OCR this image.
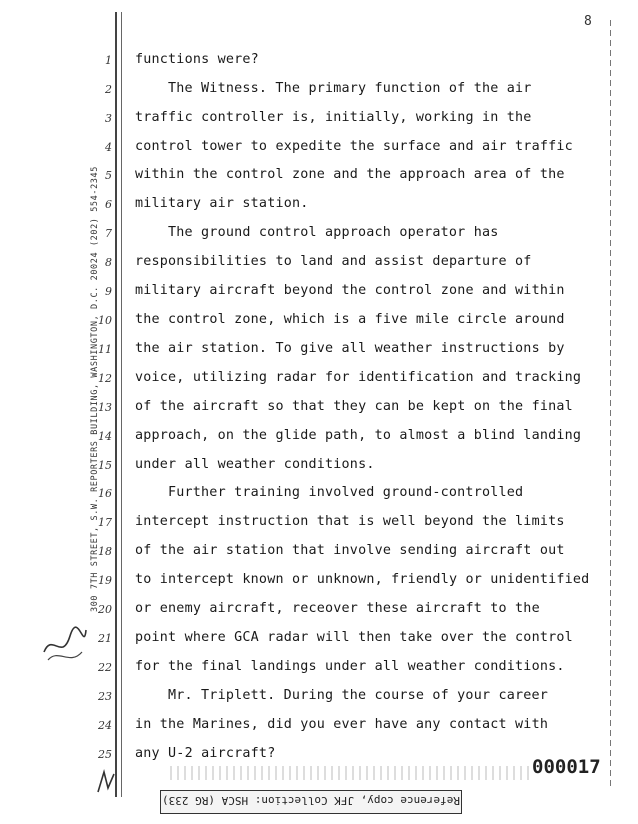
8
300 7TH STREET, S.W. REPORTERS BUILDING, WASHINGTON, D.C. 20024 (202) 554-2345
1
2
3
4
5
6
7
8
9
10
11
12
13
14
15
16
17
18
19
20
21
22
23
24
25
functions were?
The Witness. The primary function of the air
traffic controller is, initially, working in the
control tower to expedite the surface and air traffic
within the control zone and the approach area of the
military air station.
The ground control approach operator has
responsibilities to land and assist departure of
military aircraft beyond the control zone and within
the control zone, which is a five mile circle around
the air station. To give all weather instructions by
voice, utilizing radar for identification and tracking
of the aircraft so that they can be kept on the final
approach, on the glide path, to almost a blind landing
under all weather conditions.
Further training involved ground-controlled
intercept instruction that is well beyond the limits
of the air station that involve sending aircraft out
to intercept known or unknown, friendly or unidentified
or enemy aircraft, receover these aircraft to the
point where GCA radar will then take over the control
for the final landings under all weather conditions.
Mr. Triplett. During the course of your career
in the Marines, did you ever have any contact with
any U-2 aircraft?
000017
Reference copy, JFK Collection: HSCA (RG 233)
